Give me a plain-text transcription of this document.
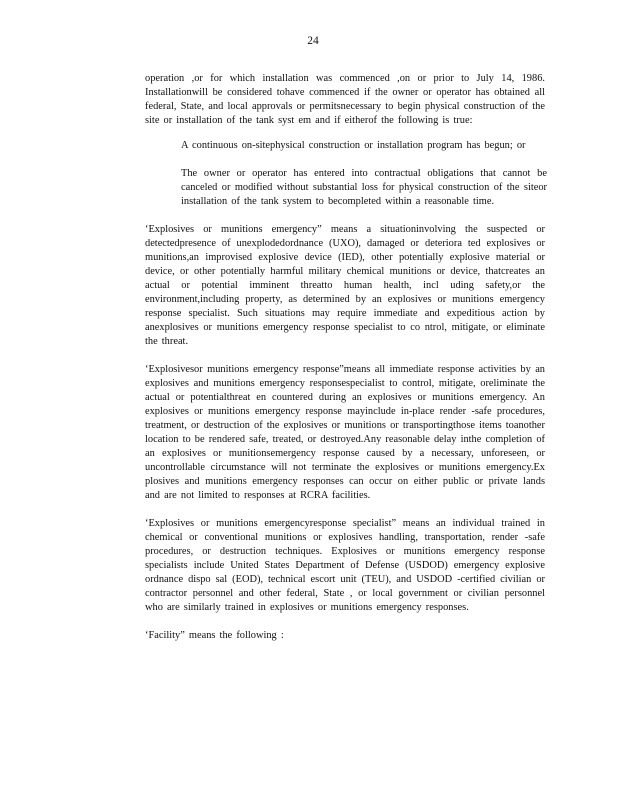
24

operation ,or for which installation was commenced ,on or prior to July 14, 1986. Installationwill be considered tohave commenced if the owner or operator has obtained all federal, State, and local approvals or permitsnecessary to begin physical construction of the site or installation of the tank syst em and if eitherof the following is true:

A continuous on-sitephysical construction or installation program has begun; or

The owner or operator has entered into contractual obligations that cannot be canceled or modified without substantial loss for physical construction of the siteor installation of the tank system to becompleted within a reasonable time.

‘Explosives or munitions emergency” means a situationinvolving the suspected or detectedpresence of unexplodedordnance (UXO), damaged or deteriora ted explosives or munitions,an improvised explosive device (IED), other potentially explosive material or device, or other potentially harmful military chemical munitions or device, thatcreates an actual or potential imminent threatto human health, incl uding safety,or the environment,including property, as determined by an explosives or munitions emergency response specialist. Such situations may require immediate and expeditious action by anexplosives or munitions emergency response specialist to co ntrol, mitigate, or eliminate the threat.

‘Explosivesor munitions emergency response”means all immediate response activities by an explosives and munitions emergency responsespecialist to control, mitigate, oreliminate the actual or potentialthreat en countered during an explosives or munitions emergency. An explosives or munitions emergency response mayinclude in-place render -safe procedures, treatment, or destruction of the explosives or munitions or transportingthose items toanother location to be rendered safe, treated, or destroyed.Any reasonable delay inthe completion of an explosives or munitionsemergency response caused by a necessary, unforeseen, or uncontrollable circumstance will not terminate the explosives or munitions emergency.Ex plosives and munitions emergency responses can occur on either public or private lands and are not limited to responses at RCRA facilities.

‘Explosives or munitions emergencyresponse specialist” means an individual trained in chemical or conventional munitions or explosives handling, transportation, render -safe procedures, or destruction techniques. Explosives or munitions emergency response specialists include United States Department of Defense (USDOD) emergency explosive ordnance dispo sal (EOD), technical escort unit (TEU), and USDOD -certified civilian or contractor personnel and other federal, State , or local government or civilian personnel who are similarly trained in explosives or munitions emergency responses.

‘Facility” means the following :
